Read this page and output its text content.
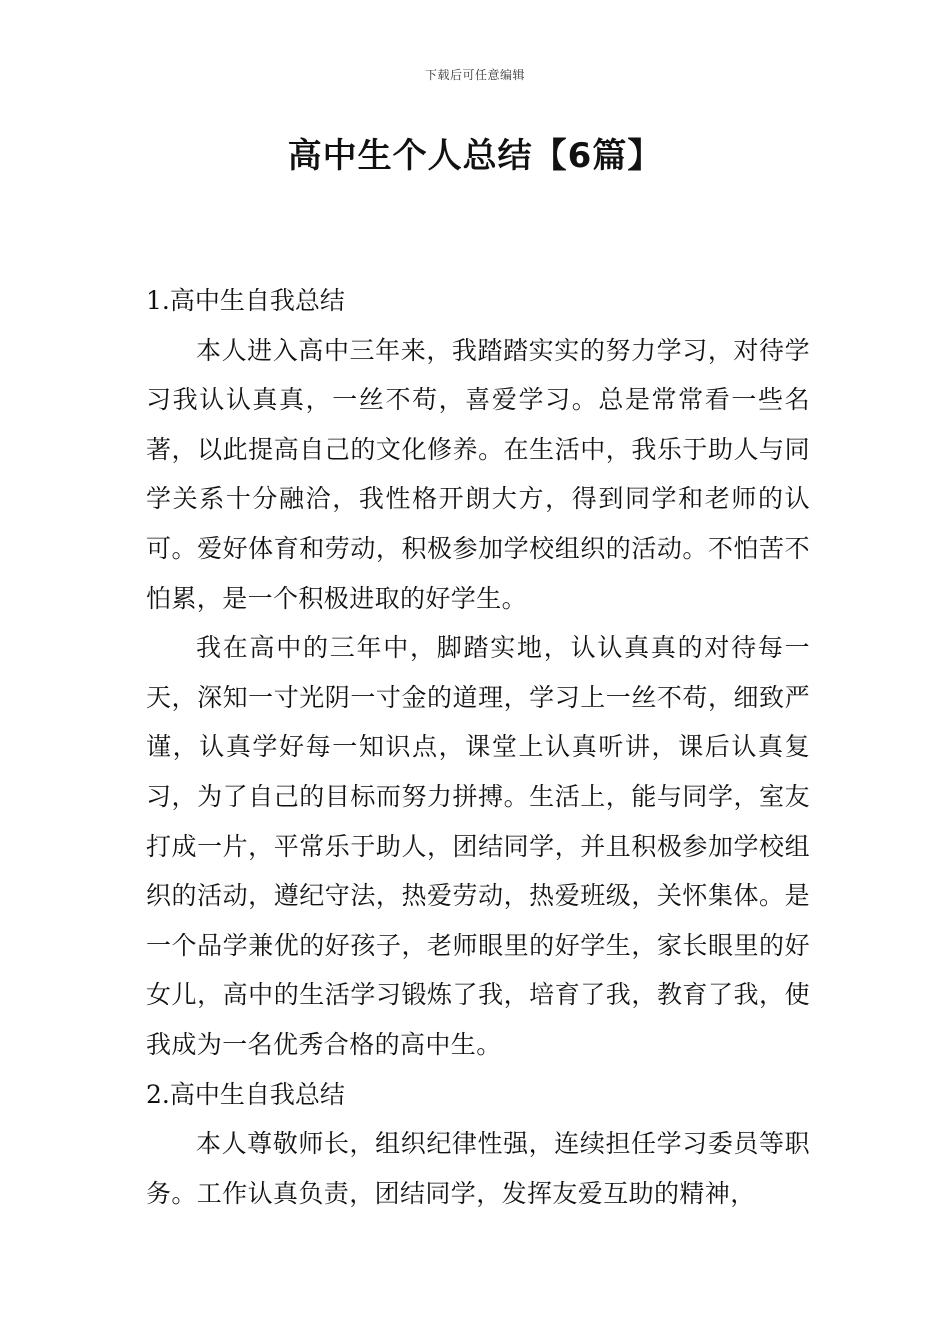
下载后可任意编辑
高中生个人总结【6篇】
1.高中生自我总结

本人进入高中三年来，我踏踏实实的努力学习，对待学习我认认真真，一丝不苟，喜爱学习。总是常常看一些名著，以此提高自己的文化修养。在生活中，我乐于助人与同学关系十分融洽，我性格开朗大方，得到同学和老师的认可。爱好体育和劳动，积极参加学校组织的活动。不怕苦不怕累，是一个积极进取的好学生。

我在高中的三年中，脚踏实地，认认真真的对待每一天，深知一寸光阴一寸金的道理，学习上一丝不苟，细致严谨，认真学好每一知识点，课堂上认真听讲，课后认真复习，为了自己的目标而努力拼搏。生活上，能与同学，室友打成一片，平常乐于助人，团结同学，并且积极参加学校组织的活动，遵纪守法，热爱劳动，热爱班级，关怀集体。是一个品学兼优的好孩子，老师眼里的好学生，家长眼里的好女儿，高中的生活学习锻炼了我，培育了我，教育了我，使我成为一名优秀合格的高中生。

2.高中生自我总结

本人尊敬师长，组织纪律性强，连续担任学习委员等职务。工作认真负责，团结同学，发挥友爱互助的精神，
